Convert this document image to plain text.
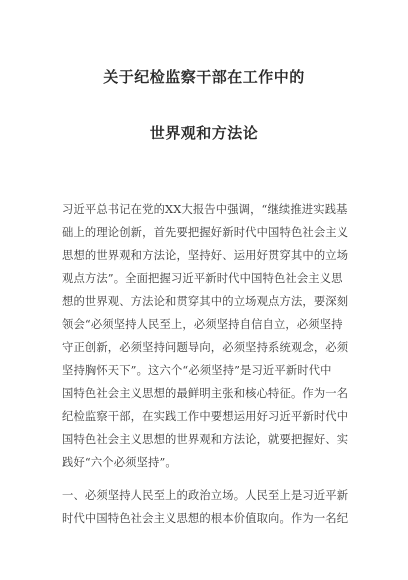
关于纪检监察干部在工作中的
世界观和方法论
习近平总书记在党的XX大报告中强调，“继续推进实践基
础上的理论创新，首先要把握好新时代中国特色社会主义
思想的世界观和方法论，坚持好、运用好贯穿其中的立场
观点方法”。全面把握习近平新时代中国特色社会主义思
想的世界观、方法论和贯穿其中的立场观点方法，要深刻
领会“必须坚持人民至上，必须坚持自信自立，必须坚持
守正创新，必须坚持问题导向，必须坚持系统观念，必须
坚持胸怀天下”。这六个“必须坚持”是习近平新时代中
国特色社会主义思想的最鲜明主张和核心特征。作为一名
纪检监察干部，在实践工作中要想运用好习近平新时代中
国特色社会主义思想的世界观和方法论，就要把握好、实
践好“六个必须坚持”。
一、必须坚持人民至上的政治立场。人民至上是习近平新
时代中国特色社会主义思想的根本价值取向。作为一名纪
